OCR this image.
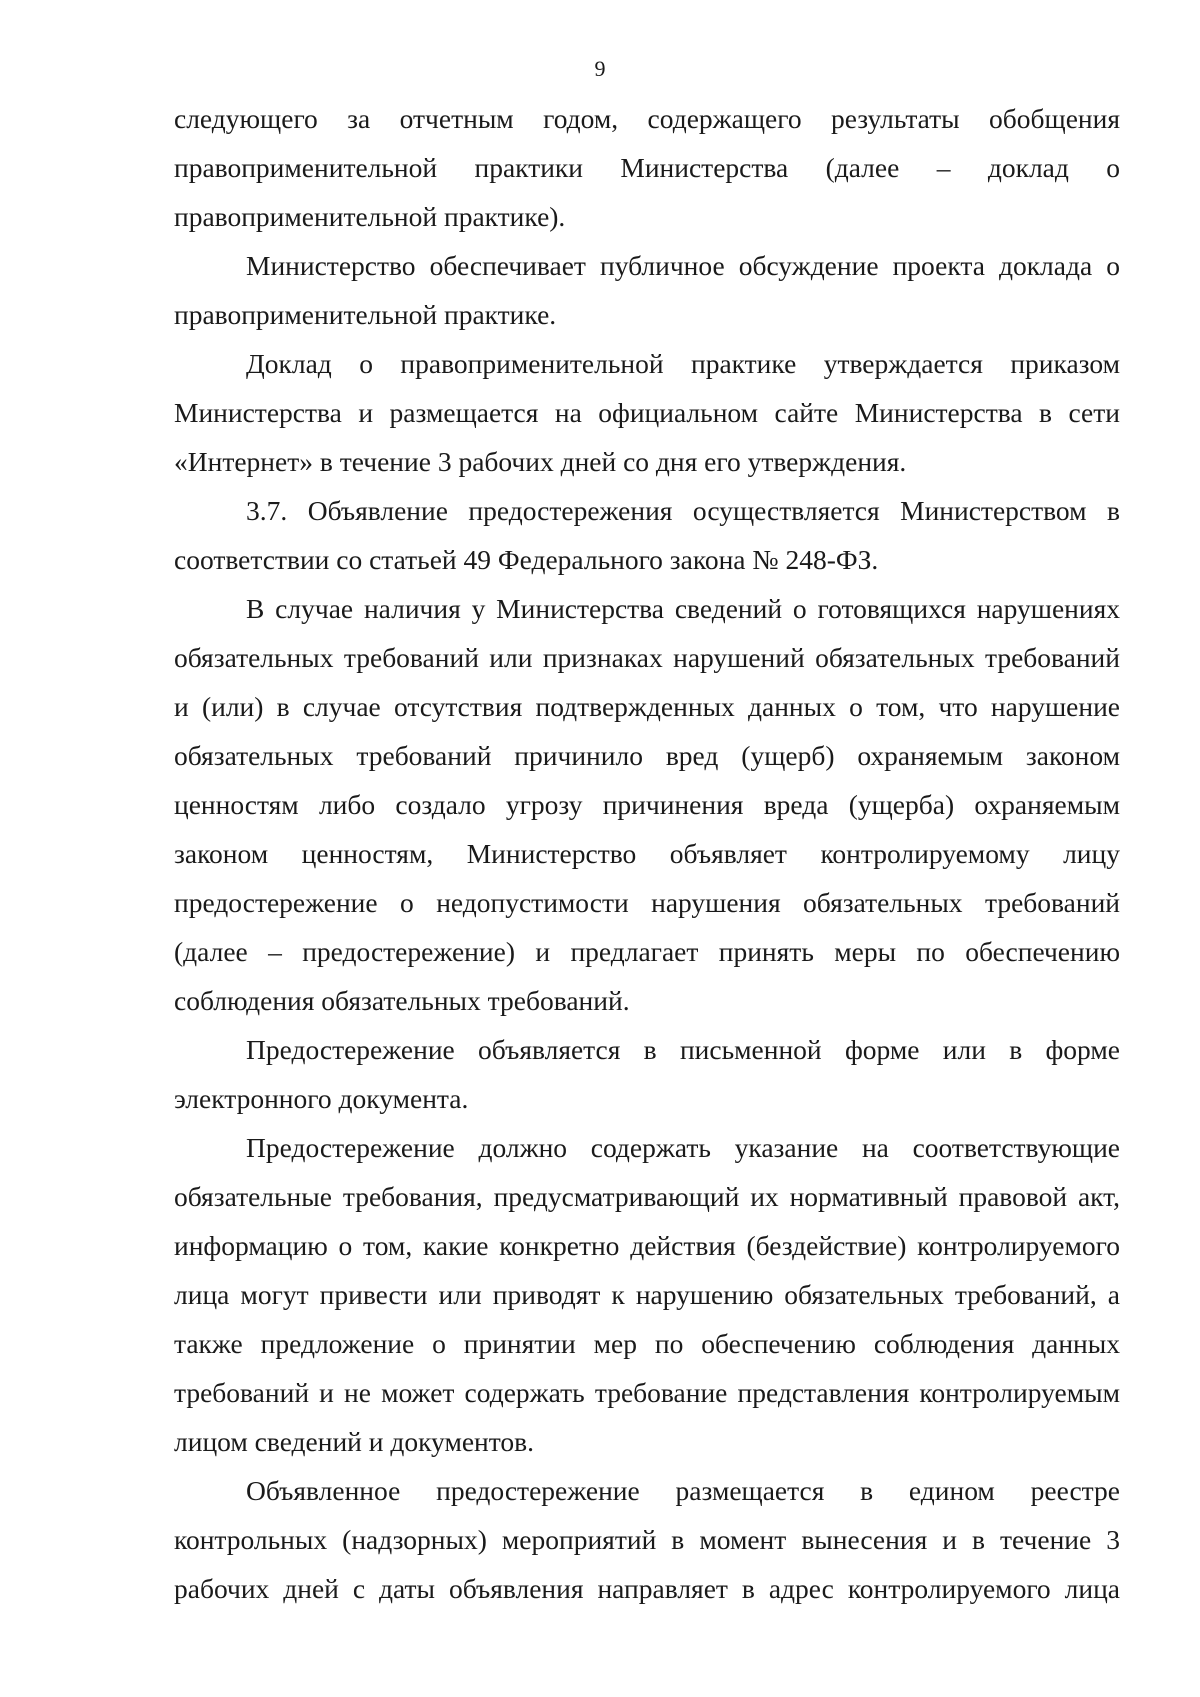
9

следующего за отчетным годом, содержащего результаты обобщения правоприменительной практики Министерства (далее – доклад о правоприменительной практике).

Министерство обеспечивает публичное обсуждение проекта доклада о правоприменительной практике.

Доклад о правоприменительной практике утверждается приказом Министерства и размещается на официальном сайте Министерства в сети «Интернет» в течение 3 рабочих дней со дня его утверждения.

3.7. Объявление предостережения осуществляется Министерством в соответствии со статьей 49 Федерального закона № 248-ФЗ.

В случае наличия у Министерства сведений о готовящихся нарушениях обязательных требований или признаках нарушений обязательных требований и (или) в случае отсутствия подтвержденных данных о том, что нарушение обязательных требований причинило вред (ущерб) охраняемым законом ценностям либо создало угрозу причинения вреда (ущерба) охраняемым законом ценностям, Министерство объявляет контролируемому лицу предостережение о недопустимости нарушения обязательных требований (далее – предостережение) и предлагает принять меры по обеспечению соблюдения обязательных требований.

Предостережение объявляется в письменной форме или в форме электронного документа.

Предостережение должно содержать указание на соответствующие обязательные требования, предусматривающий их нормативный правовой акт, информацию о том, какие конкретно действия (бездействие) контролируемого лица могут привести или приводят к нарушению обязательных требований, а также предложение о принятии мер по обеспечению соблюдения данных требований и не может содержать требование представления контролируемым лицом сведений и документов.

Объявленное предостережение размещается в едином реестре контрольных (надзорных) мероприятий в момент вынесения и в течение 3 рабочих дней с даты объявления направляет в адрес контролируемого лица
